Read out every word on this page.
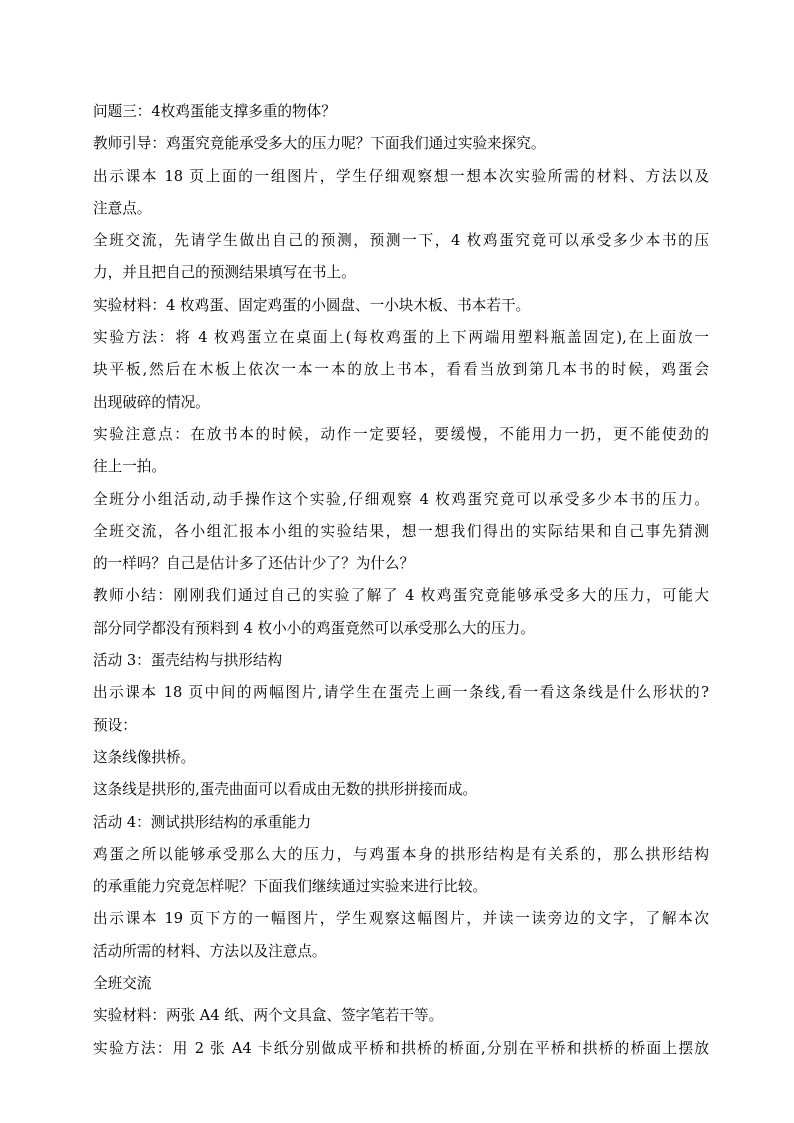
问题三：4枚鸡蛋能支撑多重的物体？
教师引导：鸡蛋究竟能承受多大的压力呢？下面我们通过实验来探究。
出示课本 18 页上面的一组图片，学生仔细观察想一想本次实验所需的材料、方法以及
注意点。
全班交流，先请学生做出自己的预测，预测一下，4 枚鸡蛋究竟可以承受多少本书的压
力，并且把自己的预测结果填写在书上。
实验材料：4 枚鸡蛋、固定鸡蛋的小圆盘、一小块木板、书本若干。
实验方法：将 4 枚鸡蛋立在桌面上(每枚鸡蛋的上下两端用塑料瓶盖固定),在上面放一
块平板,然后在木板上依次一本一本的放上书本，看看当放到第几本书的时候，鸡蛋会
出现破碎的情况。
实验注意点：在放书本的时候，动作一定要轻，要缓慢，不能用力一扔，更不能使劲的
往上一拍。
全班分小组活动,动手操作这个实验,仔细观察 4 枚鸡蛋究竟可以承受多少本书的压力。
全班交流，各小组汇报本小组的实验结果，想一想我们得出的实际结果和自己事先猜测
的一样吗？自己是估计多了还估计少了？为什么？
教师小结：刚刚我们通过自己的实验了解了 4 枚鸡蛋究竟能够承受多大的压力，可能大
部分同学都没有预料到 4 枚小小的鸡蛋竟然可以承受那么大的压力。
活动 3：蛋壳结构与拱形结构
出示课本 18 页中间的两幅图片,请学生在蛋壳上画一条线,看一看这条线是什么形状的?
预设：
这条线像拱桥。
这条线是拱形的,蛋壳曲面可以看成由无数的拱形拼接而成。
活动 4：测试拱形结构的承重能力
鸡蛋之所以能够承受那么大的压力，与鸡蛋本身的拱形结构是有关系的，那么拱形结构
的承重能力究竟怎样呢？下面我们继续通过实验来进行比较。
出示课本 19 页下方的一幅图片，学生观察这幅图片，并读一读旁边的文字，了解本次
活动所需的材料、方法以及注意点。
全班交流
实验材料：两张 A4 纸、两个文具盒、签字笔若干等。
实验方法：用 2 张 A4 卡纸分别做成平桥和拱桥的桥面,分别在平桥和拱桥的桥面上摆放
